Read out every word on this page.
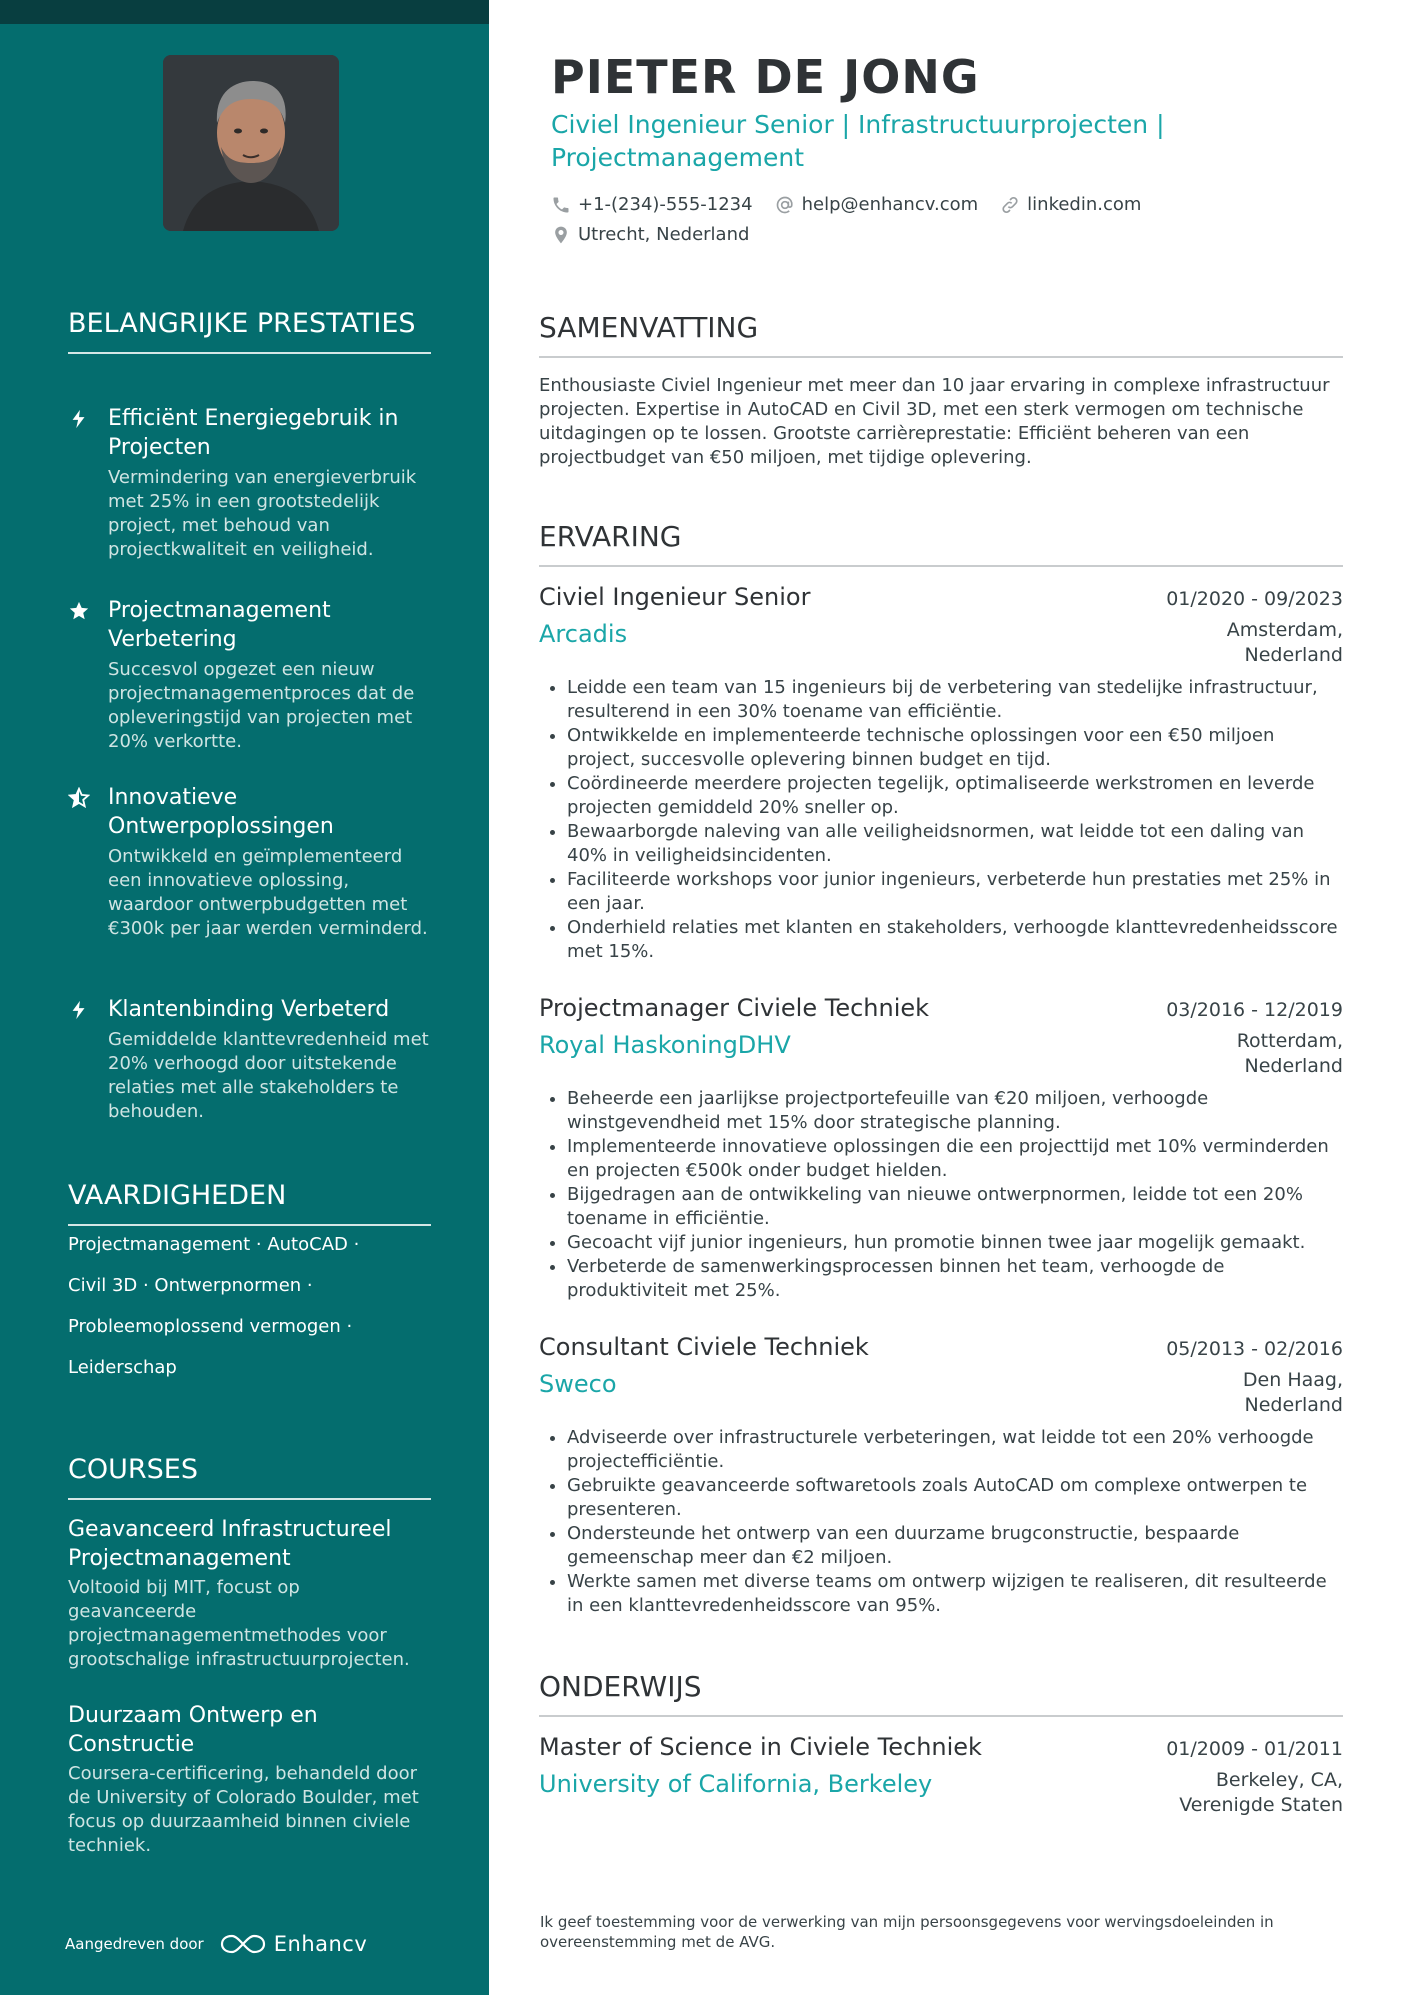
BELANGRIJKE PRESTATIES
Efficiënt Energiegebruik in Projecten
Vermindering van energieverbruik met 25% in een grootstedelijk project, met behoud van projectkwaliteit en veiligheid.
Projectmanagement Verbetering
Succesvol opgezet een nieuw projectmanagementproces dat de opleveringstijd van projecten met 20% verkortte.
Innovatieve Ontwerpoplossingen
Ontwikkeld en geïmplementeerd een innovatieve oplossing, waardoor ontwerpbudgetten met €300k per jaar werden verminderd.
Klantenbinding Verbeterd
Gemiddelde klanttevredenheid met 20% verhoogd door uitstekende relaties met alle stakeholders te behouden.
VAARDIGHEDEN
Projectmanagement · AutoCAD ·
Civil 3D · Ontwerpnormen ·
Probleemoplossend vermogen ·
Leiderschap
COURSES
Geavanceerd Infrastructureel Projectmanagement
Voltooid bij MIT, focust op geavanceerde projectmanagementmethodes voor grootschalige infrastructuurprojecten.
Duurzaam Ontwerp en Constructie
Coursera-certificering, behandeld door de University of Colorado Boulder, met focus op duurzaamheid binnen civiele techniek.
Aangedreven door	Enhancv
PIETER DE JONG
Civiel Ingenieur Senior | Infrastructuurprojecten | Projectmanagement
+1-(234)-555-1234	help@enhancv.com	linkedin.com
Utrecht, Nederland
SAMENVATTING

Enthousiaste Civiel Ingenieur met meer dan 10 jaar ervaring in complexe infrastructuur projecten. Expertise in AutoCAD en Civil 3D, met een sterk vermogen om technische uitdagingen op te lossen. Grootste carrièreprestatie: Efficiënt beheren van een projectbudget van €50 miljoen, met tijdige oplevering.

ERVARING
Civiel Ingenieur Senior	01/2020 - 09/2023
Arcadis	Amsterdam, Nederland
• Leidde een team van 15 ingenieurs bij de verbetering van stedelijke infrastructuur, resulterend in een 30% toename van efficiëntie.
• Ontwikkelde en implementeerde technische oplossingen voor een €50 miljoen project, succesvolle oplevering binnen budget en tijd.
• Coördineerde meerdere projecten tegelijk, optimaliseerde werkstromen en leverde projecten gemiddeld 20% sneller op.
• Bewaarborgde naleving van alle veiligheidsnormen, wat leidde tot een daling van 40% in veiligheidsincidenten.
• Faciliteerde workshops voor junior ingenieurs, verbeterde hun prestaties met 25% in een jaar.
• Onderhield relaties met klanten en stakeholders, verhoogde klanttevredenheidsscore met 15%.
Projectmanager Civiele Techniek	03/2016 - 12/2019
Royal HaskoningDHV	Rotterdam, Nederland
• Beheerde een jaarlijkse projectportefeuille van €20 miljoen, verhoogde winstgevendheid met 15% door strategische planning.
• Implementeerde innovatieve oplossingen die een projecttijd met 10% verminderden en projecten €500k onder budget hielden.
• Bijgedragen aan de ontwikkeling van nieuwe ontwerpnormen, leidde tot een 20% toename in efficiëntie.
• Gecoacht vijf junior ingenieurs, hun promotie binnen twee jaar mogelijk gemaakt.
• Verbeterde de samenwerkingsprocessen binnen het team, verhoogde de produktiviteit met 25%.
Consultant Civiele Techniek	05/2013 - 02/2016
Sweco	Den Haag, Nederland
• Adviseerde over infrastructurele verbeteringen, wat leidde tot een 20% verhoogde projectefficiëntie.
• Gebruikte geavanceerde softwaretools zoals AutoCAD om complexe ontwerpen te presenteren.
• Ondersteunde het ontwerp van een duurzame brugconstructie, bespaarde gemeenschap meer dan €2 miljoen.
• Werkte samen met diverse teams om ontwerp wijzigen te realiseren, dit resulteerde in een klanttevredenheidsscore van 95%.
ONDERWIJS
Master of Science in Civiele Techniek	01/2009 - 01/2011
University of California, Berkeley	Berkeley, CA, Verenigde Staten

Ik geef toestemming voor de verwerking van mijn persoonsgegevens voor wervingsdoeleinden in overeenstemming met de AVG.
